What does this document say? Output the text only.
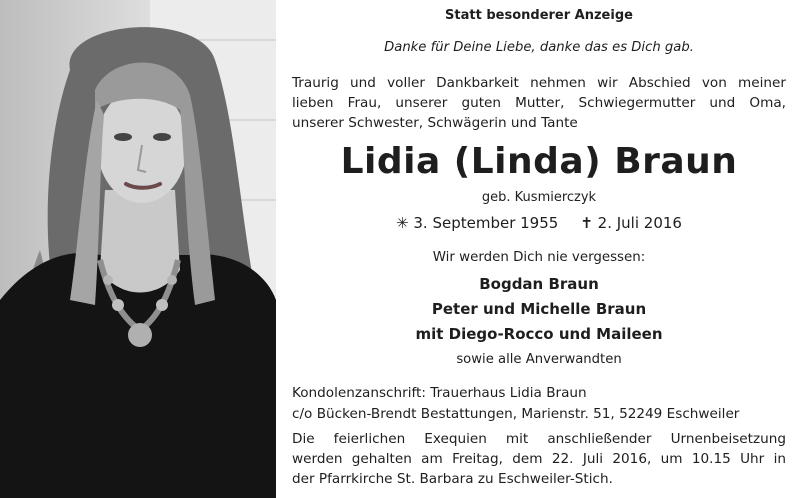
Statt besonderer Anzeige
Danke für Deine Liebe, danke das es Dich gab.
Traurig und voller Dankbarkeit nehmen wir Abschied von meiner
lieben Frau, unserer guten Mutter, Schwiegermutter und Oma,
unserer Schwester, Schwägerin und Tante
Lidia (Linda) Braun
geb. Kusmierczyk
✳ 3. September 1955 ✝ 2. Juli 2016
Wir werden Dich nie vergessen:
Bogdan Braun
Peter und Michelle Braun
mit Diego-Rocco und Maileen
sowie alle Anverwandten
Kondolenzanschrift: Trauerhaus Lidia Braun
c/o Bücken-Brendt Bestattungen, Marienstr. 51, 52249 Eschweiler
Die feierlichen Exequien mit anschließender Urnenbeisetzung
werden gehalten am Freitag, dem 22. Juli 2016, um 10.15 Uhr in
der Pfarrkirche St. Barbara zu Eschweiler-Stich.
